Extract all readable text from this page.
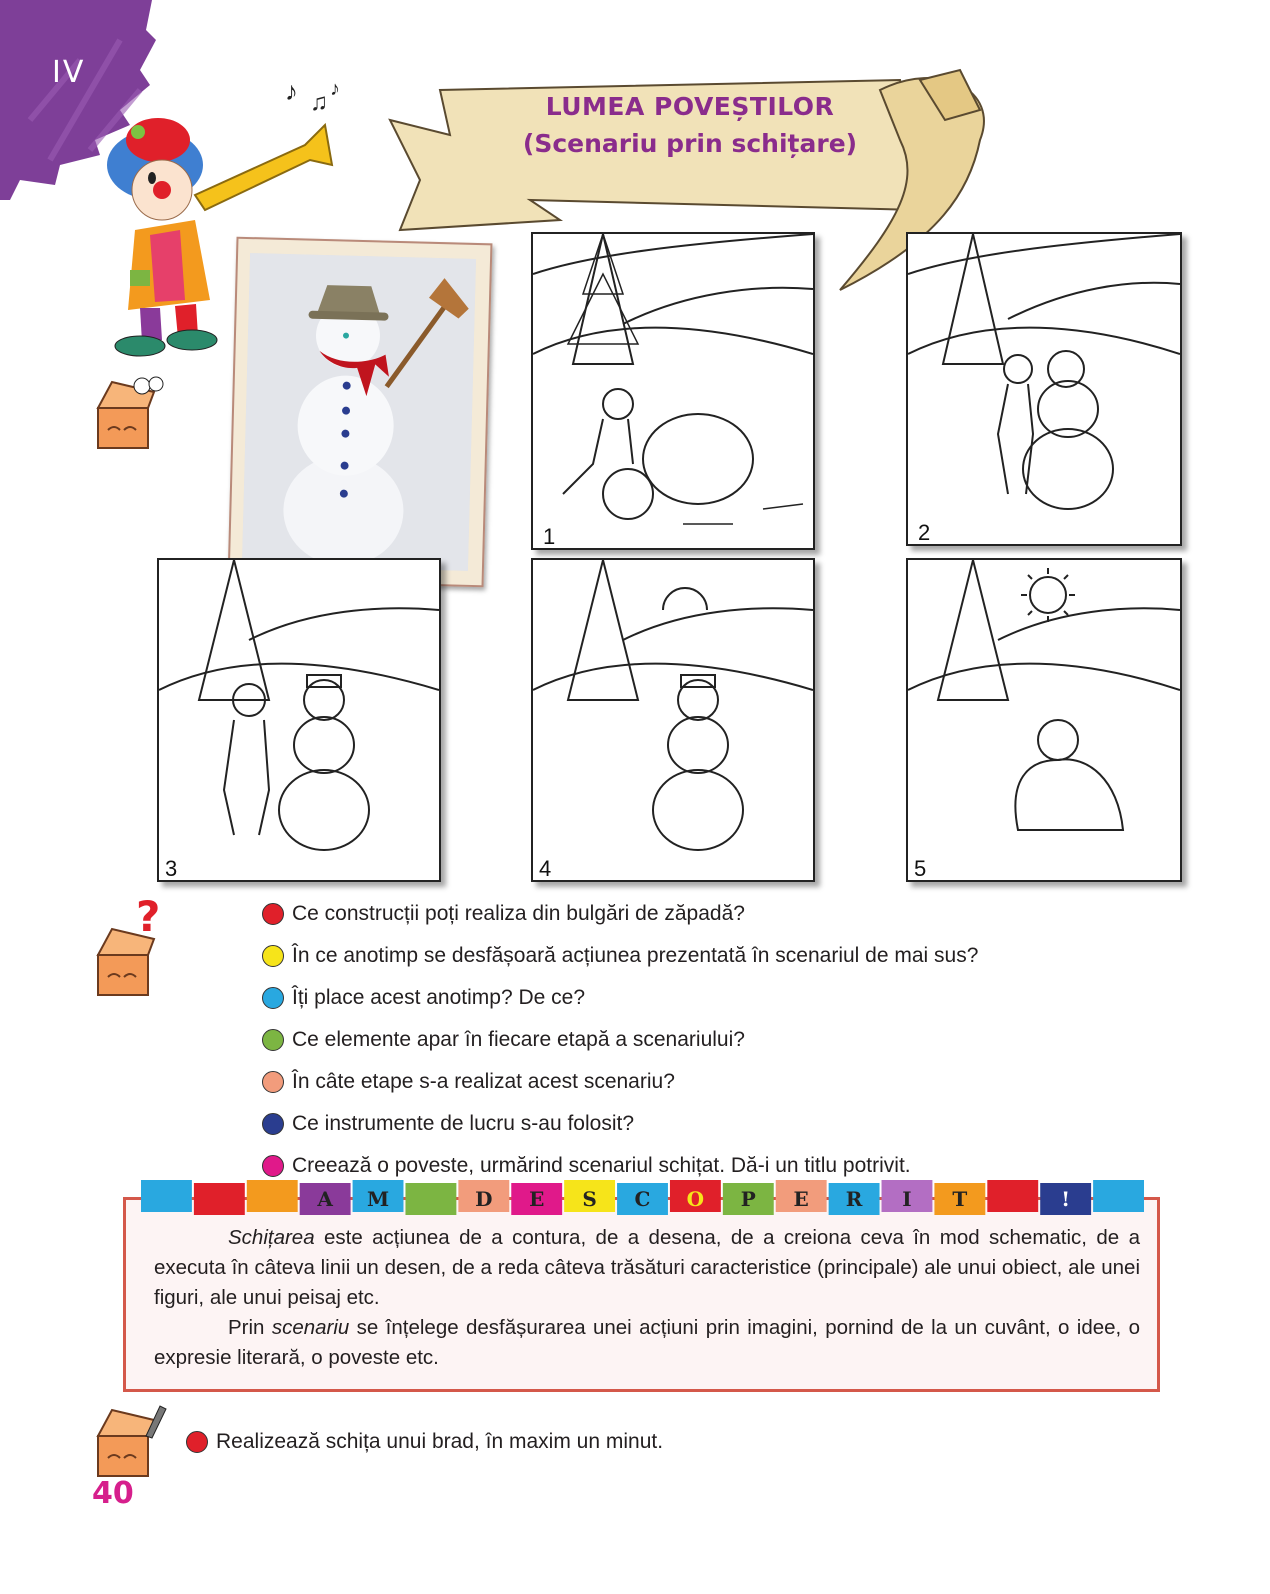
IV
♪ ♫ ♪
LUMEA POVEȘTILOR
(Scenariu prin schițare)
?
1	2
3	4	5
Ce construcții poți realiza din bulgări de zăpadă?
În ce anotimp se desfășoară acțiunea prezentată în scenariul de mai sus?
Îți place acest anotimp? De ce?
Ce elemente apar în fiecare etapă a scenariului?
În câte etape s-a realizat acest scenariu?
Ce instrumente de lucru s-au folosit?
Creează o poveste, urmărind scenariul schițat. Dă-i un titlu potrivit.
A M	D E S C O P E R I T	!

Schițarea este acțiunea de a contura, de a desena, de a creiona ceva în mod schematic, de a executa în câteva linii un desen, de a reda câteva trăsături caracteristice (principale) ale unui obiect, ale unei figuri, ale unui peisaj etc.

Prin scenariu se înțelege desfășurarea unei acțiuni prin imagini, pornind de la un cuvânt, o idee, o expresie literară, o poveste etc.

Realizează schița unui brad, în maxim un minut.
40
